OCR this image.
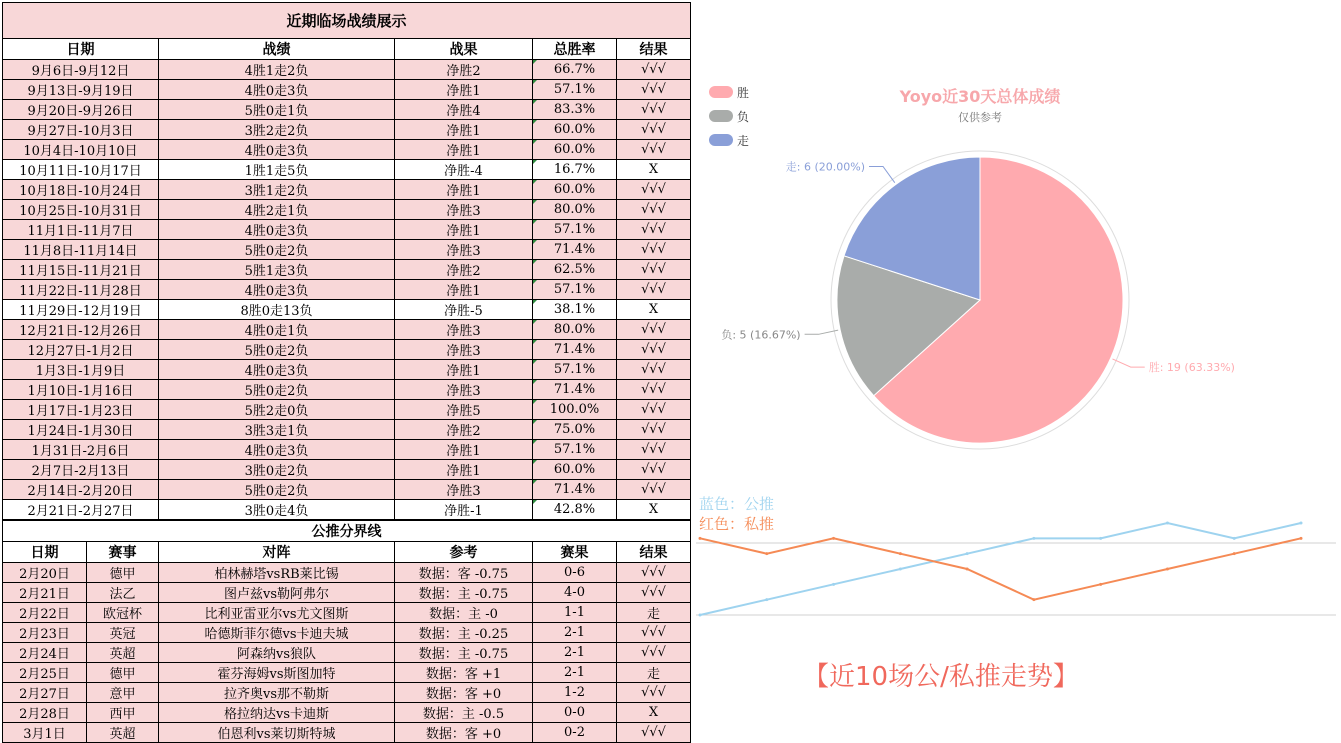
近期临场战绩展示				
日期	战绩	战果	总胜率	结果
9月6日-9月12日	4胜1走2负	净胜2	66.7%	√√√
9月13日-9月19日	4胜0走3负	净胜1	57.1%	√√√
9月20日-9月26日	5胜0走1负	净胜4	83.3%	√√√
9月27日-10月3日	3胜2走2负	净胜1	60.0%	√√√
10月4日-10月10日	4胜0走3负	净胜1	60.0%	√√√
10月11日-10月17日	1胜1走5负	净胜-4	16.7%	X
10月18日-10月24日	3胜1走2负	净胜1	60.0%	√√√
10月25日-10月31日	4胜2走1负	净胜3	80.0%	√√√
11月1日-11月7日	4胜0走3负	净胜1	57.1%	√√√
11月8日-11月14日	5胜0走2负	净胜3	71.4%	√√√
11月15日-11月21日	5胜1走3负	净胜2	62.5%	√√√
11月22日-11月28日	4胜0走3负	净胜1	57.1%	√√√
11月29日-12月19日	8胜0走13负	净胜-5	38.1%	X
12月21日-12月26日	4胜0走1负	净胜3	80.0%	√√√
12月27日-1月2日	5胜0走2负	净胜3	71.4%	√√√
1月3日-1月9日	4胜0走3负	净胜1	57.1%	√√√
1月10日-1月16日	5胜0走2负	净胜3	71.4%	√√√
1月17日-1月23日	5胜2走0负	净胜5	100.0%	√√√
1月24日-1月30日	3胜3走1负	净胜2	75.0%	√√√
1月31日-2月6日	4胜0走3负	净胜1	57.1%	√√√
2月7日-2月13日	3胜0走2负	净胜1	60.0%	√√√
2月14日-2月20日	5胜0走2负	净胜3	71.4%	√√√
2月21日-2月27日	3胜0走4负	净胜-1	42.8%	X
公推分界线					
日期	赛事	对阵	参考	赛果	结果
2月20日	德甲	柏林赫塔vsRB莱比锡	数据：客 -0.75	0-6	√√√
2月21日	法乙	图卢兹vs勒阿弗尔	数据：主 -0.75	4-0	√√√
2月22日	欧冠杯	比利亚雷亚尔vs尤文图斯	数据：主 -0	1-1	走
2月23日	英冠	哈德斯菲尔德vs卡迪夫城	数据：主 -0.25	2-1	√√√
2月24日	英超	阿森纳vs狼队	数据：主 -0.75	2-1	√√√
2月25日	德甲	霍芬海姆vs斯图加特	数据：客 +1	2-1	走
2月27日	意甲	拉齐奥vs那不勒斯	数据：客 +0	1-2	√√√
2月28日	西甲	格拉纳达vs卡迪斯	数据：主 -0.5	0-0	X
3月1日	英超	伯恩利vs莱切斯特城	数据：客 +0	0-2	√√√
胜
负
走
Yoyo近30天总体成绩
仅供参考
胜: 19 (63.33%)
负: 5 (16.67%)
走: 6 (20.00%)
蓝色：公推
红色：私推
【近10场公/私推走势】
